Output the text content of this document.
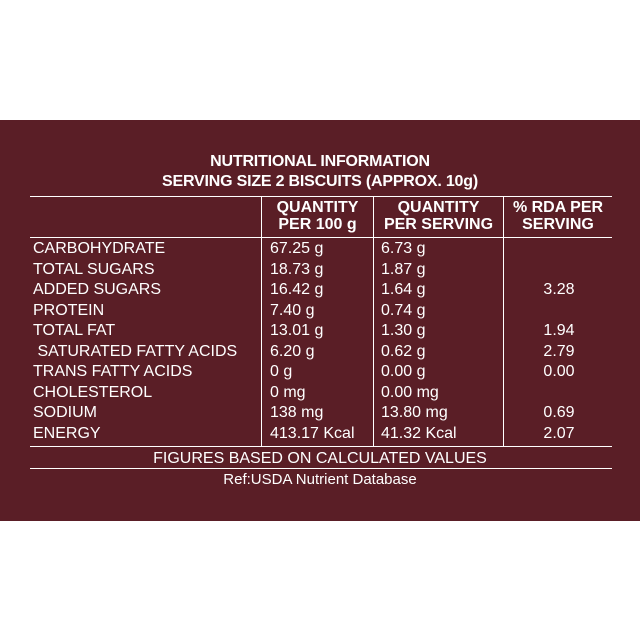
NUTRITIONAL INFORMATION
SERVING SIZE 2 BISCUITS (APPROX. 10g)
QUANTITY
PER 100 g
QUANTITY
PER SERVING
% RDA PER
SERVING
CARBOHYDRATE	67.25 g	6.73 g
TOTAL SUGARS	18.73 g	1.87 g
ADDED SUGARS	16.42 g	1.64 g	3.28
PROTEIN	7.40 g	0.74 g
TOTAL FAT	13.01 g	1.30 g	1.94
SATURATED FATTY ACIDS	6.20 g	0.62 g	2.79
TRANS FATTY ACIDS	0 g	0.00 g	0.00
CHOLESTEROL	0 mg	0.00 mg
SODIUM	138 mg	13.80 mg	0.69
ENERGY	413.17 Kcal	41.32 Kcal	2.07
FIGURES BASED ON CALCULATED VALUES
Ref:USDA Nutrient Database
